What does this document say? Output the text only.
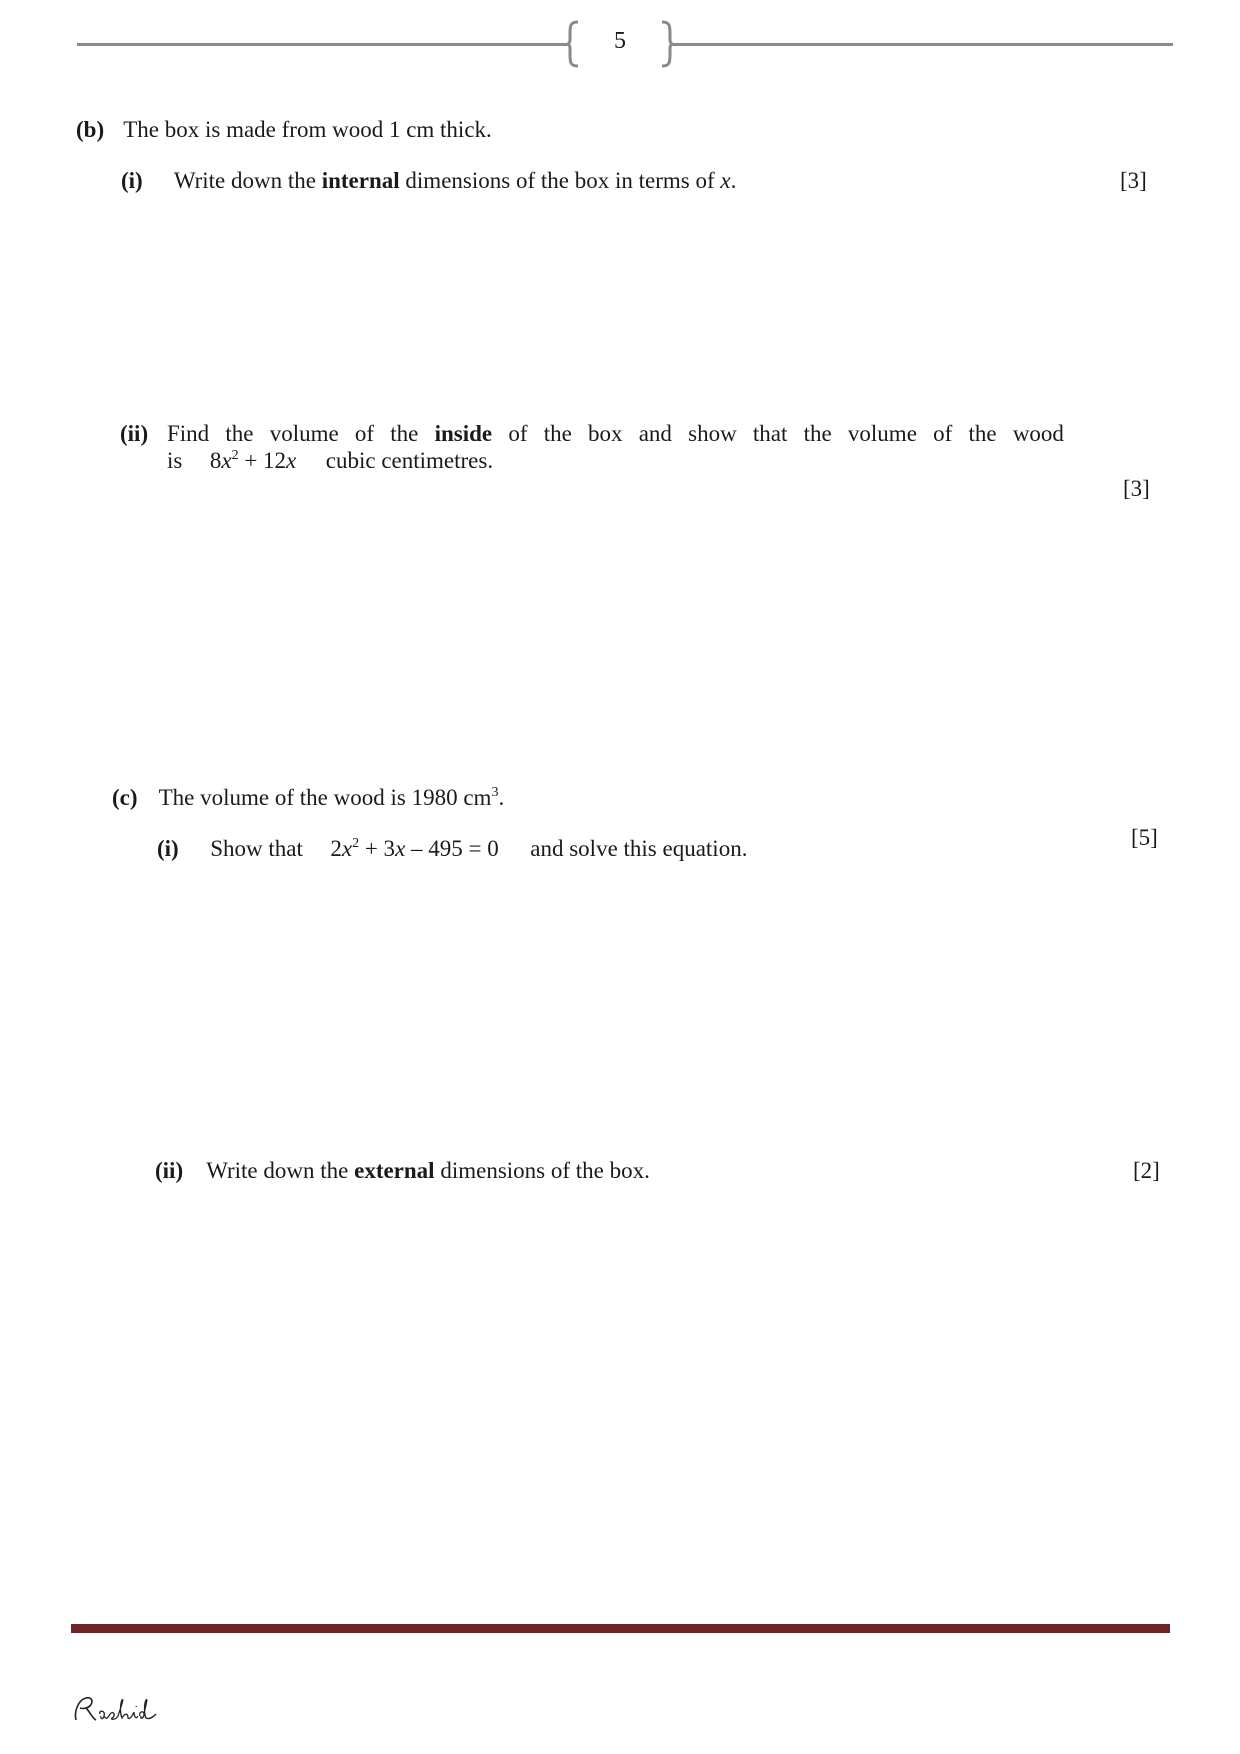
5
(b) The box is made from wood 1 cm thick.
(i) Write down the internal dimensions of the box in terms of x.	[3]
(ii) Find the volume of the inside of the box and show that the volume of the wood
is $8x^2 + 12x$ cubic centimetres.
[3]
(c) The volume of the wood is 1980 $cm^3$.
(i) Show that $2x^2 + 3x - 495 = 0$ and solve this equation.	[5]
(ii) Write down the external dimensions of the box.	[2]
